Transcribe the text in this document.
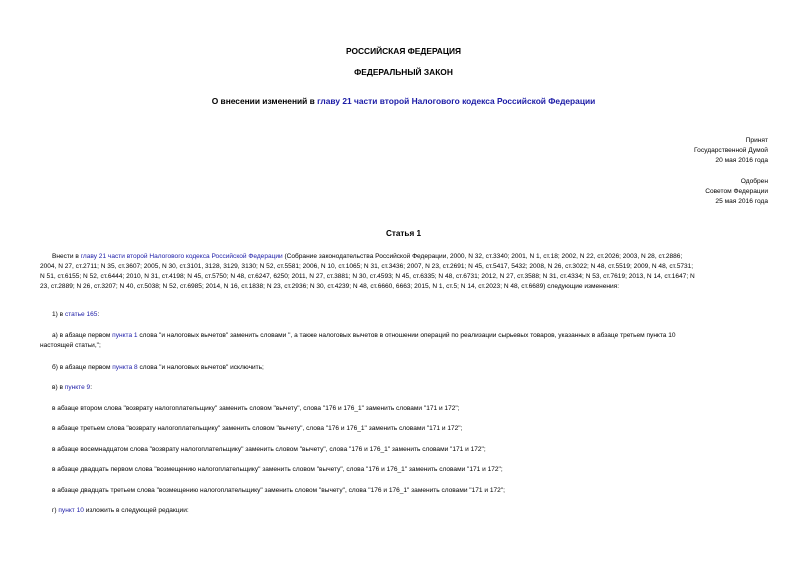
РОССИЙСКАЯ ФЕДЕРАЦИЯ
ФЕДЕРАЛЬНЫЙ ЗАКОН
О внесении изменений в главу 21 части второй Налогового кодекса Российской Федерации
Принят
Государственной Думой
20 мая 2016 года
Одобрен
Советом Федерации
25 мая 2016 года
Статья 1
Внести в главу 21 части второй Налогового кодекса Российской Федерации (Собрание законодательства Российской Федерации, 2000, N 32, ст.3340; 2001, N 1, ст.18; 2002, N 22, ст.2026; 2003, N 28, ст.2886;
2004, N 27, ст.2711; N 35, ст.3607; 2005, N 30, ст.3101, 3128, 3129, 3130; N 52, ст.5581; 2006, N 10, ст.1065; N 31, ст.3436; 2007, N 23, ст.2691; N 45, ст.5417, 5432; 2008, N 26, ст.3022; N 48, ст.5519; 2009, N 48, ст.5731;
N 51, ст.6155; N 52, ст.6444; 2010, N 31, ст.4198; N 45, ст.5750; N 48, ст.6247, 6250; 2011, N 27, ст.3881; N 30, ст.4593; N 45, ст.6335; N 48, ст.6731; 2012, N 27, ст.3588; N 31, ст.4334; N 53, ст.7619; 2013, N 14, ст.1647; N
23, ст.2889; N 26, ст.3207; N 40, ст.5038; N 52, ст.6985; 2014, N 16, ст.1838; N 23, ст.2936; N 30, ст.4239; N 48, ст.6660, 6663; 2015, N 1, ст.5; N 14, ст.2023; N 48, ст.6689) следующие изменения:
1) в статье 165:
а) в абзаце первом пункта 1 слова "и налоговых вычетов" заменить словами ", а также налоговых вычетов в отношении операций по реализации сырьевых товаров, указанных в абзаце третьем пункта 10
настоящей статьи,";
б) в абзаце первом пункта 8 слова "и налоговых вычетов" исключить;
в) в пункте 9:
в абзаце втором слова "возврату налогоплательщику" заменить словом "вычету", слова "176 и 176_1" заменить словами "171 и 172";
в абзаце третьем слова "возврату налогоплательщику" заменить словом "вычету", слова "176 и 176_1" заменить словами "171 и 172";
в абзаце восемнадцатом слова "возврату налогоплательщику" заменить словом "вычету", слова "176 и 176_1" заменить словами "171 и 172";
в абзаце двадцать первом слова "возмещению налогоплательщику" заменить словом "вычету", слова "176 и 176_1" заменить словами "171 и 172";
в абзаце двадцать третьем слова "возмещению налогоплательщику" заменить словом "вычету", слова "176 и 176_1" заменить словами "171 и 172";
г) пункт 10 изложить в следующей редакции:
